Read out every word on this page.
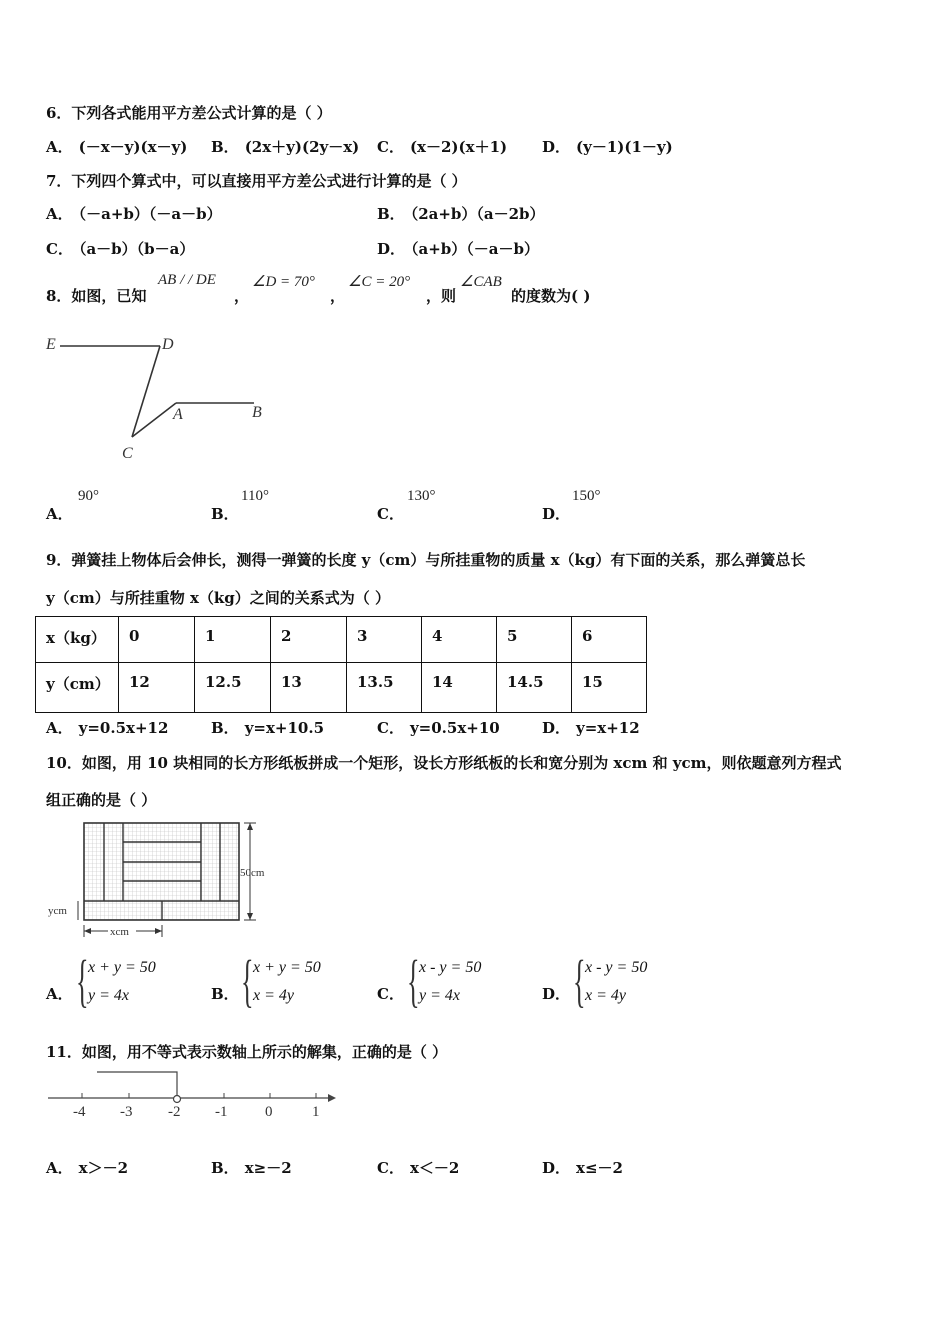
6．下列各式能用平方差公式计算的是（ ）
A． (－x－y)(x－y) B． (2x＋y)(2y－x) C． (x－2)(x＋1) D． (y－1)(1－y)
7．下列四个算式中，可以直接用平方差公式进行计算的是（ ）
A． （－a+b）（－a－b）	B． （2a+b）（a－2b）
C． （a－b）（b－a）	D． （a+b）（－a－b）
8．如图，已知
AB / / DE
，
∠D = 70°
，
∠C = 20°
，则
∠CAB
的度数为( )
E	D
A	B
C
A．
90°
B．
110°
C．
130°
D．
150°
9．弹簧挂上物体后会伸长，测得一弹簧的长度 y（cm）与所挂重物的质量 x（kg）有下面的关系，那么弹簧总长
y（cm）与所挂重物 x（kg）之间的关系式为（ ）
x（kg）	0	1	2	3	4	5	6
y（cm）	12	12.5	13	13.5	14	14.5	15
A． y=0.5x+12	B． y=x+10.5	C． y=0.5x+10	D． y=x+12
10．如图，用 10 块相同的长方形纸板拼成一个矩形，设长方形纸板的长和宽分别为 xcm 和 ycm，则依题意列方程式
组正确的是（ ）
50cm
ycm
xcm
A． { x + y = 50
y = 4x	B． { x + y = 50
x = 4y	C． { x - y = 50
y = 4x	D． { x - y = 50
x = 4y
11．如图，用不等式表示数轴上所示的解集，正确的是（ ）
-4 -3 -2 -1	0	1
A． x＞－2	B． x≥－2	C． x＜－2	D． x≤－2
